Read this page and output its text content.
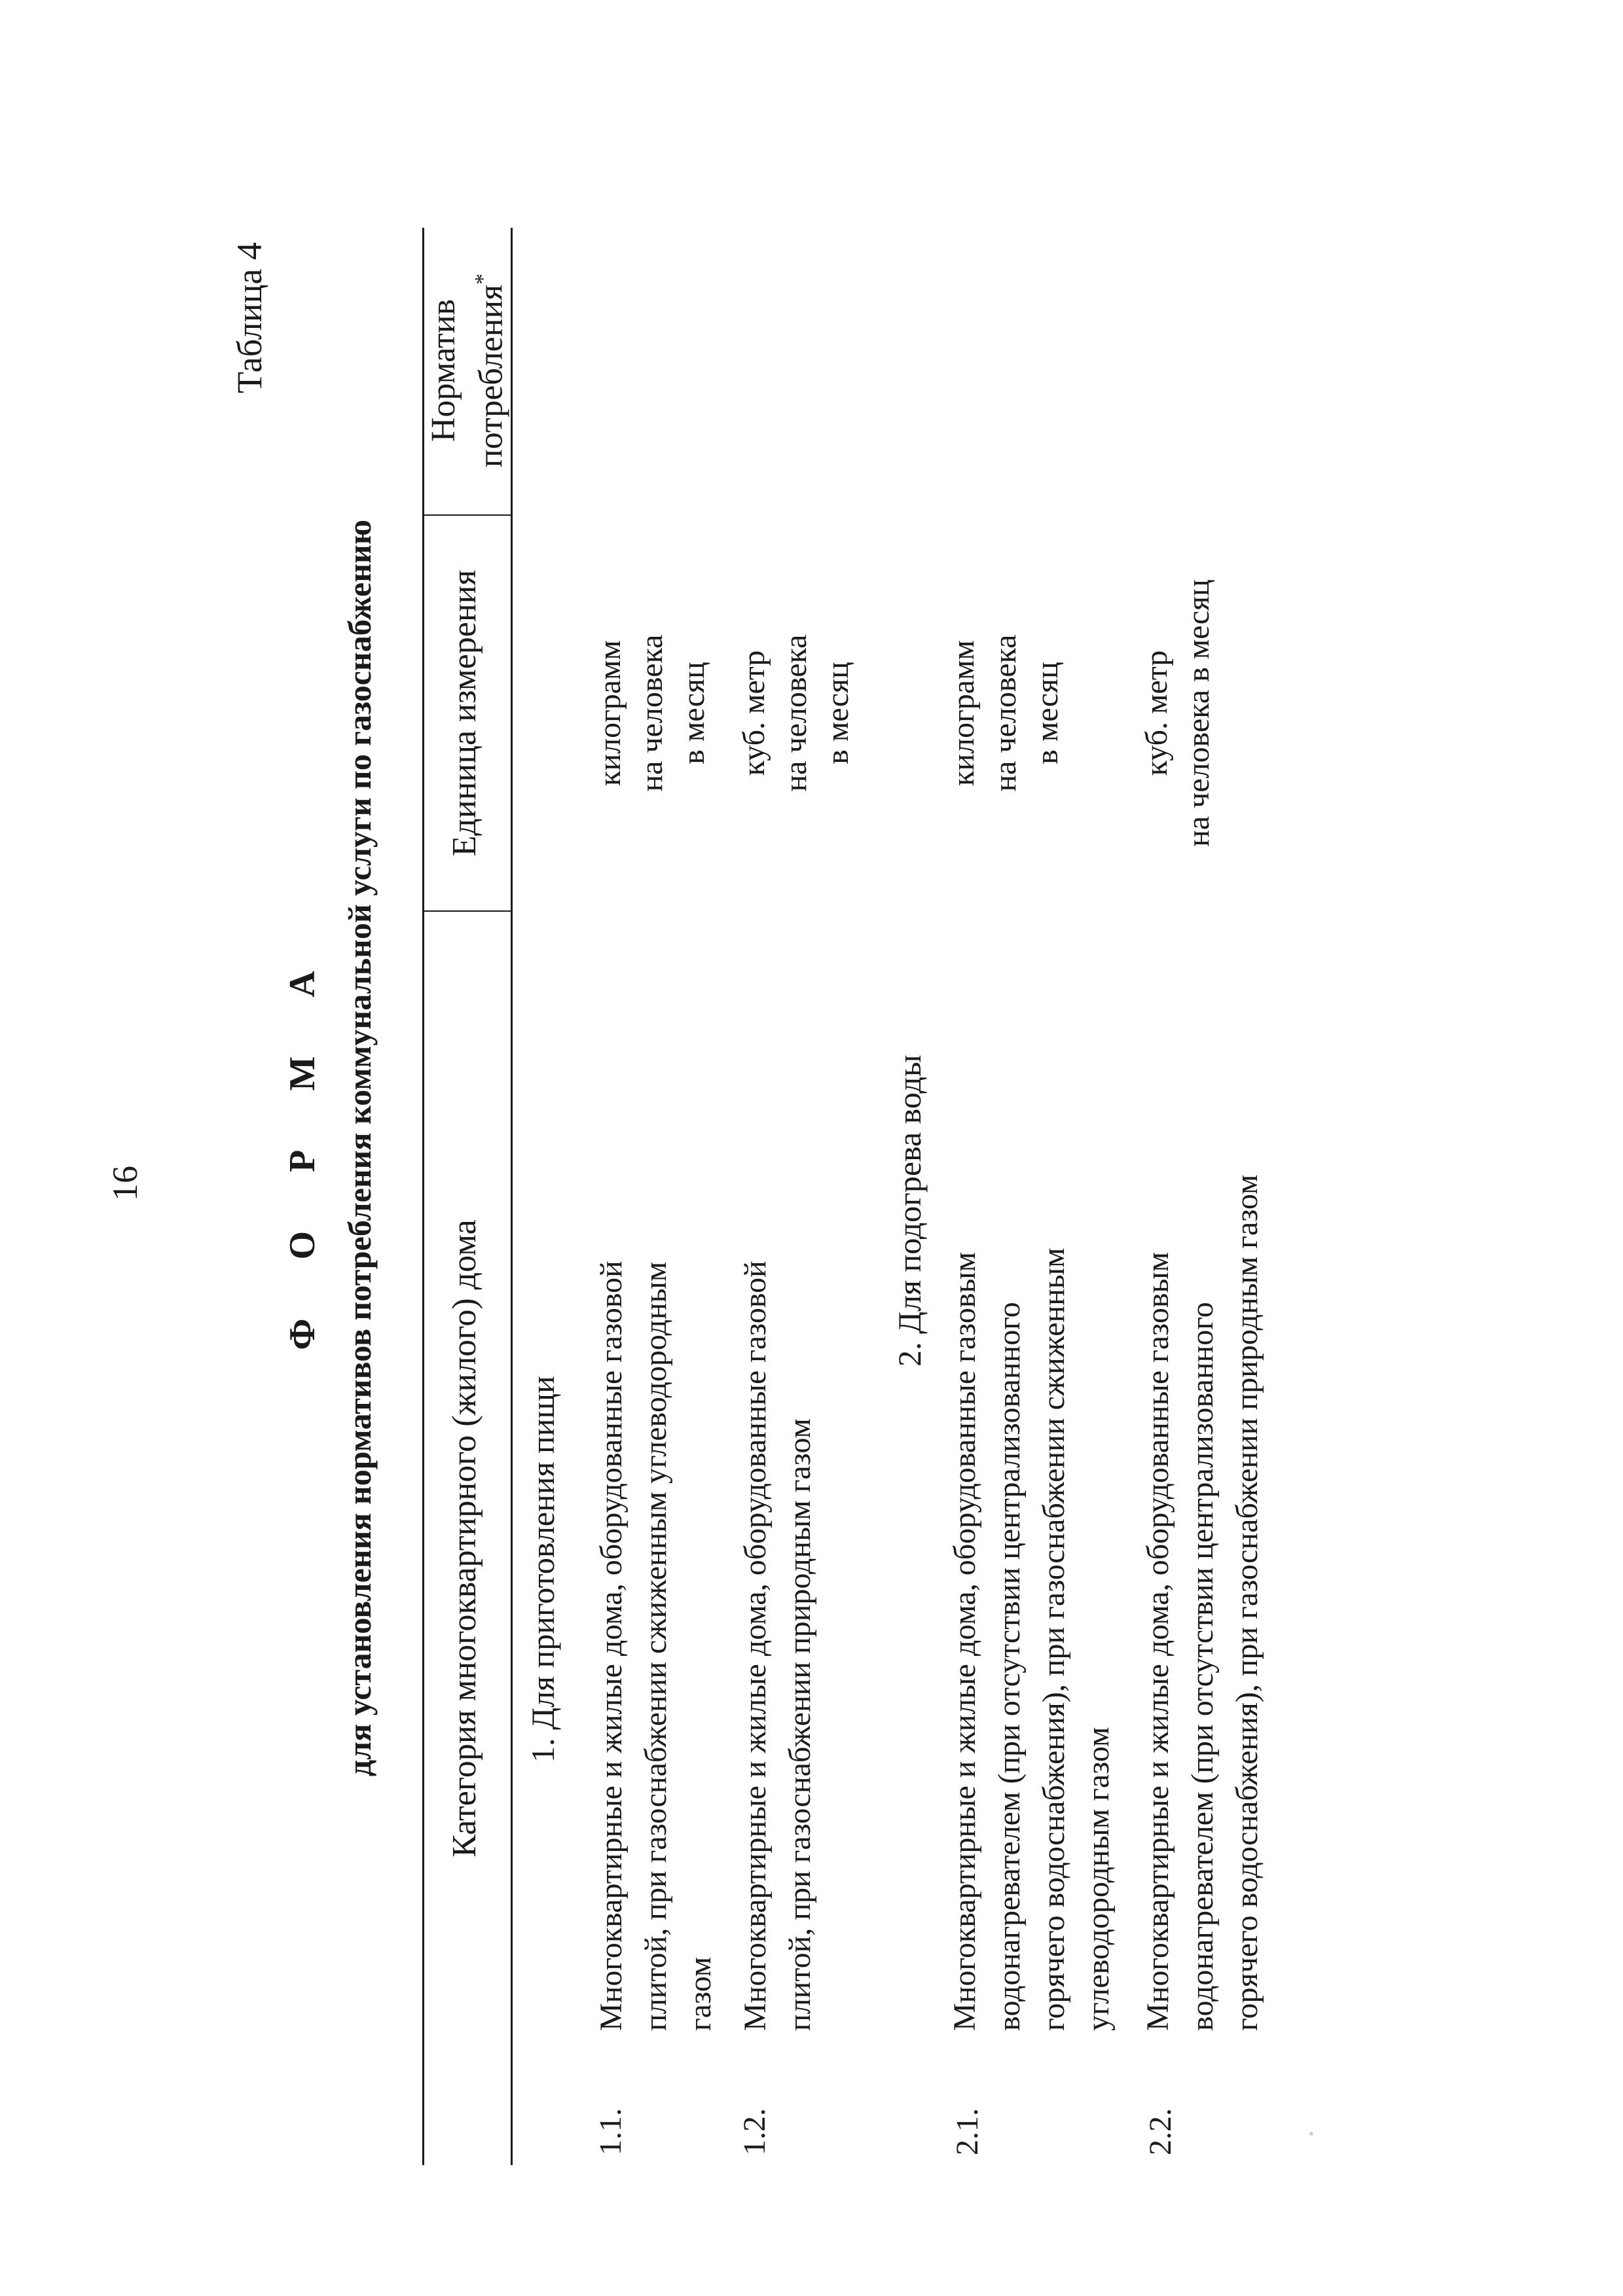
16
Таблица 4
Ф О Р М А для установления нормативов потребления коммунальной услуги по газоснабжению Категория многоквартирного (жилого) дома
Единица измерения
Норматив потребления*
1. Для приготовления пищи
1.1.
Многоквартирные и жилые дома, оборудованные газовой плитой, при газоснабжении сжиженным углеводородным газом
килограмм на человека в месяц
1.2.
Многоквартирные и жилые дома, оборудованные газовой плитой, при газоснабжении природным газом
куб. метр на человека в месяц
2. Для подогрева воды
2.1.
Многоквартирные и жилые дома, оборудованные газовым водонагревателем (при отсутствии централизованного горячего водоснабжения), при газоснабжении сжиженным углеводородным газом
килограмм на человека в месяц
2.2.
Многоквартирные и жилые дома, оборудованные газовым водонагревателем (при отсутствии централизованного горячего водоснабжения), при газоснабжении природным газом
куб. метр на человека в месяц
